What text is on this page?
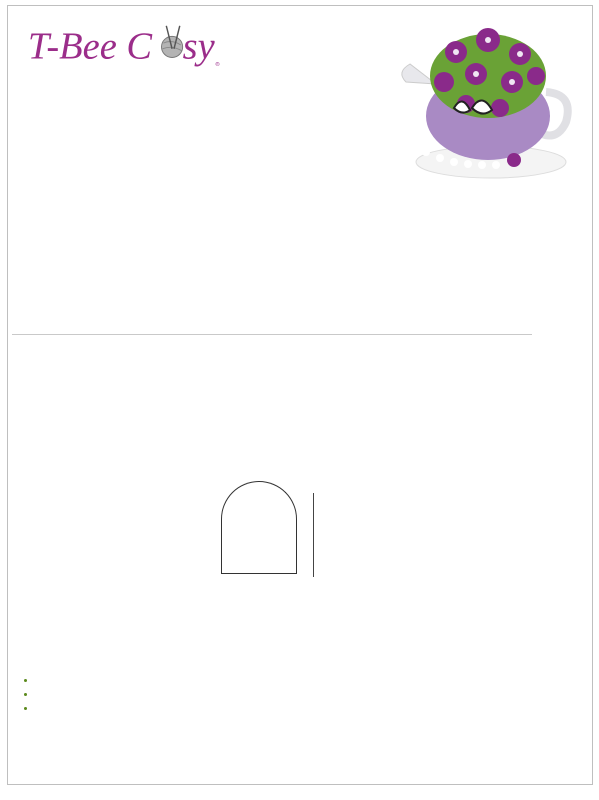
T-Bee C sy ®

•
•
•
